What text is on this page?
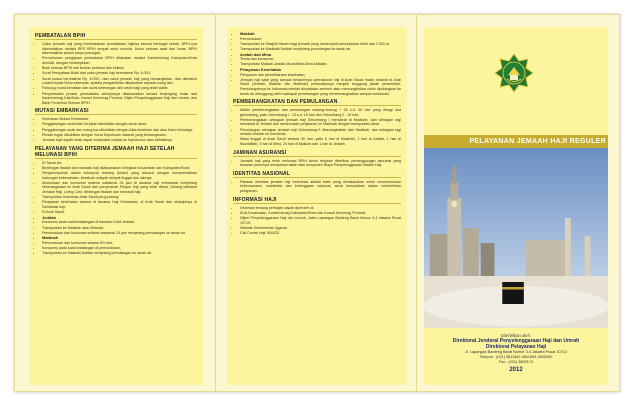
PEMBATALAN BPIH
• Calon jemaah haji yang membatalkan pendaftaran hajinya karena berbagai sebab, BPIH-nya dikembalikan melalui BPS BPIH tempat setor semula. Untuk setoran awal dan lunas, BPIH dikembalikan penuh tanpa potongan;
• Permohonan pengajuan pembatalan BPIH dilakukan melalui Kankemenag Kabupaten/Kota domisili, dengan melampirkan:
• Bukti setoran BPIH asli lembar pertama dan kelima;
• Surat Pernyataan Bukti dari calon jemaah haji bermaterai Rp. 6.000;
• Surat kuasa bermaterai Rp. 6.000,- dari calon jemaah haji yang bersangkutan, dan diketahui Lurah/Kepala Desa setempat, apabila pengambilan dikuasakan kepada orang lain;
• Fotocopy surat kematian dan surat keterangan ahli waris bagi yang telah wafat;
• Penyelesaian proses pembatalan selanjutnya dilaksanakan secara berjenjang mulai dari Kankemenag Kab/Kota, Kanwil Kemenag Provinsi, Ditjen Penyelenggaraan Haji dan Umrah, dan Bank Penerima Setoran BPIH.
MUTASI EMBARKASI
• Ketentuan Mutasi Embarkasi:
• Penggabungan suami/istri terpisah dibuktikan dengan surat nikah;
• Penggabungan anak dan orang tua dibuktikan dengan Akta kelahiran dan atau Kartu Keluarga;
• Pindah tugas dibuktikan dengan Surat Keputusan instansi yang bersangkutan;
• Jemaah haji reguler tidak dapat melakukan mutasi ke haji khusus atau sebaliknya.
PELAYANAN YANG DITERIMA JEMAAH HAJI SETELAH MELUNASI BPIH
• Di Tanah Air:
• Bimbingan ibadah dan manasik haji dilaksanakan di tingkat Kecamatan dan Kabupaten/Kota;
• Pengelompokan dalam kelompok terbang (kloter) yang disusun dengan memperhatikan hubungan kekerabatan, kesatuan wilayah tempat tinggal dan lainnya;
• Akomodasi dan konsumsi selama maksimal 24 jam di asrama haji embarkasi menjelang keberangkatan ke Arab Saudi dan penyerahan Paspor Haji yang telah divisa, Gelang Identitas Jemaah Haji, Living Cost, bimbingan ibadah dan manasik haji;
• Transportasi Indonesia-Arab Saudi pergi pulang;
• Pelayanan kesehatan selama di Asrama Haji Embarkasi, di Arab Saudi dan selanjutnya di Debarkasi haji;
• Di Arab Saudi:
• Jeddah
• Konsumsi pada saat kedatangan di bandara KAIA Jeddah;
• Transportasi ke Madinah atau Mekkah;
• Pemondokan dan konsumsi selama maksimal 24 jam menjelang pemulangan ke tanah air.
• Madinah
• Pemondokan dan konsumsi selama 8½ hari;
• Konsumsi pada saat kedatangan di pemondokan;
• Transportasi ke Makkah/Jeddah menjelang pemulangan ke tanah air.
• Makkah
• Pemondokan;
• Transportasi ke Masjidil Haram bagi jemaah yang menempati pemondokan lebih dari 2.000 m;
• Transportasi ke Madinah/Jeddah menjelang pemulangan ke tanah air.
• Arafah dan Mina
• Tenda dan konsumsi;
• Transportasi Makkah-Arafah-Muzdalifah-Mina-Makkah.
• Pelayanan Kesehatan
• Pelayanan dan pemeliharaan kesehatan;
• Jemaah haji sakit yang sampai berakhirnya operasional haji di Arab Saudi masih dirawat di Arab Saudi (Jeddah, Makkah dan Madinah) perawatannya menjadi tanggung jawab pemerintah. Pemulangannya ke Indonesia setelah dinyatakan sembuh atau memungkinkan untuk dipulangkan ke tanah air ditanggung oleh maskapai penerbangan yang memberangkatkan sampai embarkasi.
PEMBERANGKATAN DAN PEMULANGAN
• Waktu pemberangkatan dan pemulangan masing-masing + 28 s.d. 30 hari yang dibagi dua gelombang, yaitu Gelombang I : 13 s.d. 15 hari dan Gelombang II : 15 hari;
• Pemberangkatan sebagian jemaah haji Gelombang I mendarat di Madinah, dan sebagian lagi mendarat di Jeddah dan meneruskan perjalanan ke Madinah dengan transportasi darat.
• Pemulangan sebagian jemaah haji Gelombang II diberangkatkan dari Madinah, dan sebagian lagi melalui Jeddah ke Indonesia.
• Masa tinggal di Arab Saudi selama 39 hari, yaitu 8 hari di Madinah, 1 hari di Arafah, 1 hari di Muzdalifah, 3 hari di Mina, 25 hari di Makkah dan 1 hari di Jeddah.
JAMINAN ASURANSI
• Jemaah haji yang telah melunasi BPIH tahun berjalan diberikan pertanggungan asuransi yang besaran preminya merupakan salah satu komponen Biaya Penyelenggaraan Ibadah Haji.
IDENTITAS NASIONAL
• Pakaian identitas jemaah haji Indonesia adalah batik yang dimaksudkan untuk menumbuhkan kebersamaan, solidaritas dan ketenggaan nasional, serta kemudahan dalam memberikan pelayanan.
INFORMASI HAJI
• Informasi tentang perhajian dapat diperoleh di:
• KUA Kecamatan, Kankemenag Kabupaten/Kota dan Kanwil Kemenag Provinsi;
• Ditjen Penyelenggaraan Haji dan Umrah, Jalan Lapangan Banteng Barat Nomor 3-4 Jakarta Pusat 10710;
• Website Kementerian Agama:
• Call Centre Haji: 500425
PELAYANAN JEMAAH HAJI REGULER
Diterbitkan oleh:
Direktorat Jenderal Penyelenggaraan Haji dan Umrah
Direktorat Pelayanan Haji
Jl. Lapangan Banteng Barat Nomor 3-4 Jakarta Pusat 10710
Telepon : (021) 3811642-3811654-3800200
Fax : (021) 3800174
2012
